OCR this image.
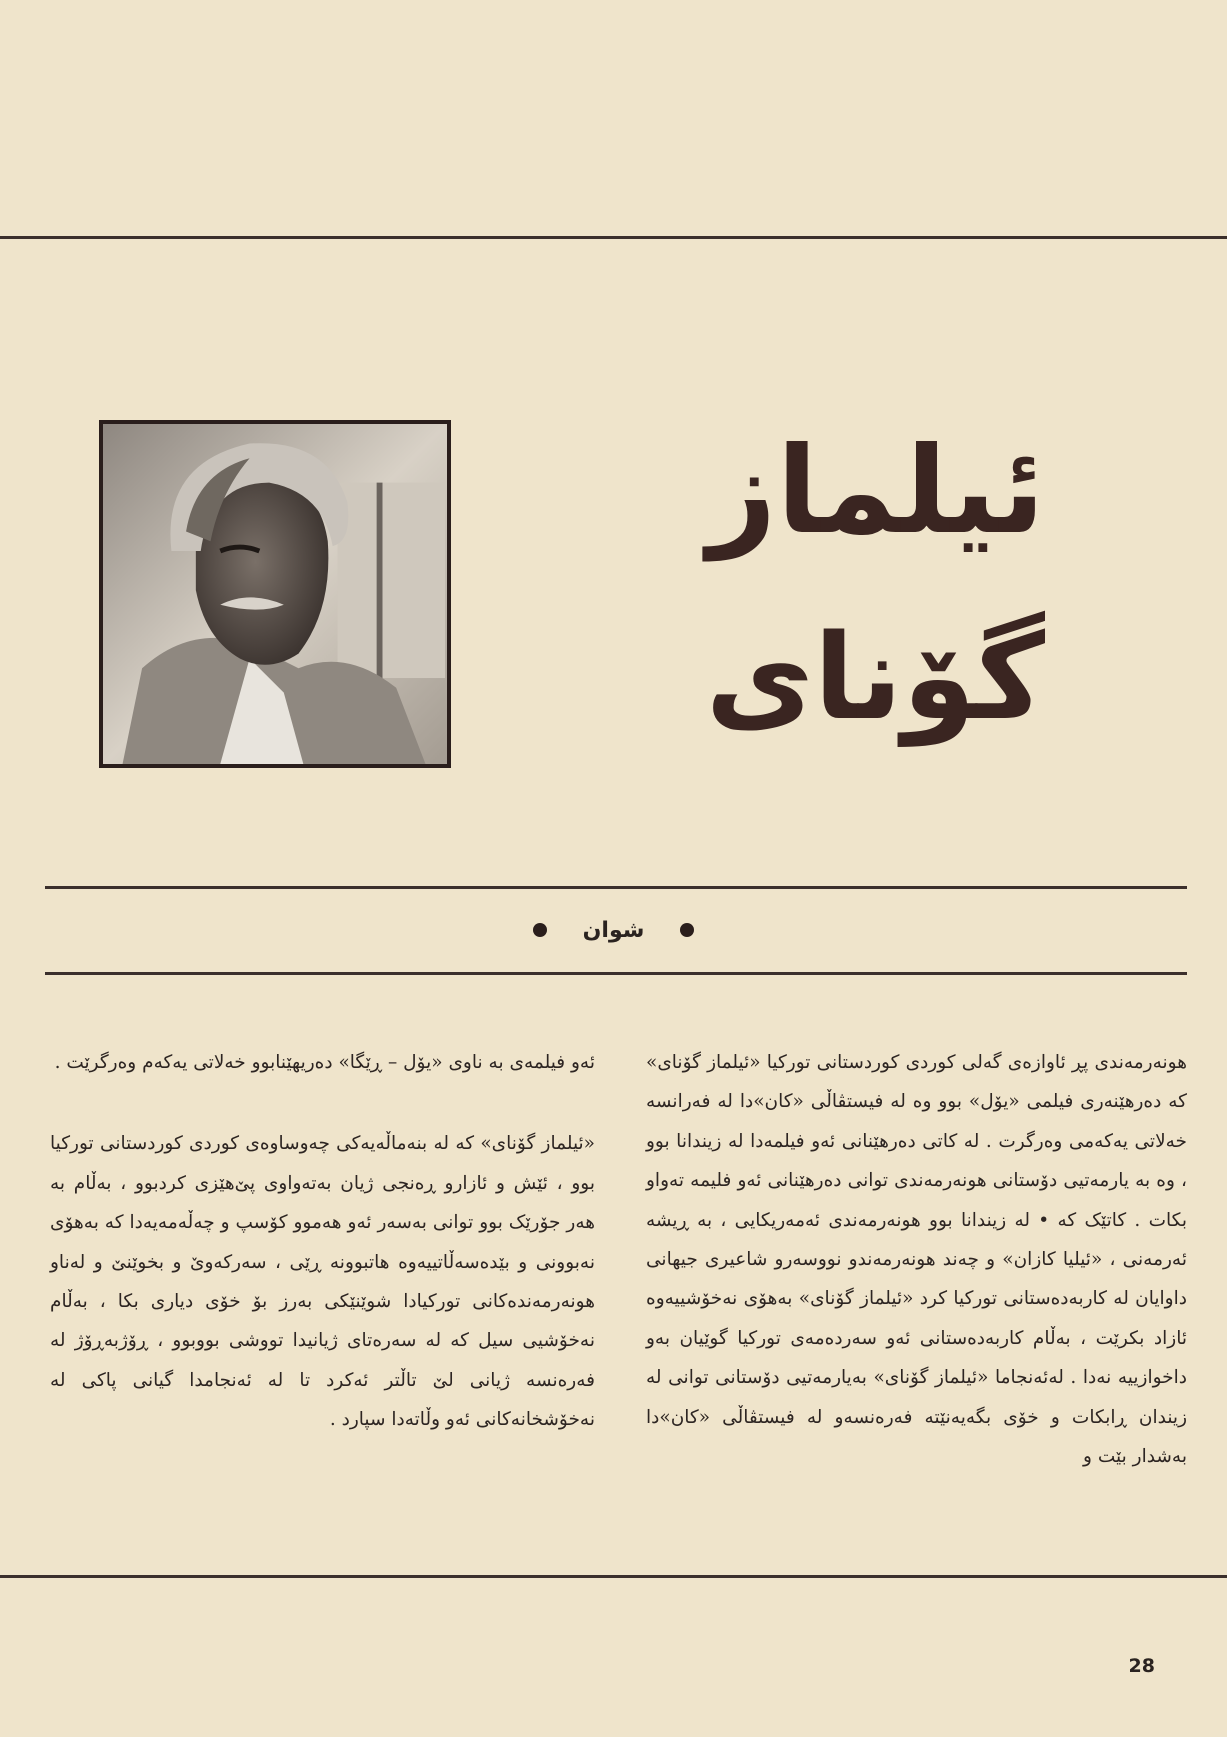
ئیلماز
گۆنای
شوان

هونەرمەندی پڕ ئاوازەی گەلی کوردی کوردستانی تورکیا «ئیلماز گۆنای» کە دەرهێنەری فیلمی «یۆل» بوو وە لە فیستڤاڵی «کان»دا لە فەرانسە خەلاتی یەکەمی وەرگرت . لە کاتی دەرهێنانی ئەو فیلمەدا لە زیندانا بوو ، وە بە یارمەتیی دۆستانی هونەرمەندی توانی دەرهێنانی ئەو فلیمە تەواو بکات . کاتێک کە • لە زیندانا بوو هونەرمەندی ئەمەریکایی ، بە ڕیشە ئەرمەنی ، «ئیلیا کازان» و چەند هونەرمەندو نووسەرو شاعیری جیهانی داوایان لە کاربەدەستانی تورکیا کرد «ئیلماز گۆنای» بەهۆی نەخۆشییەوە ئازاد بکرێت ، بەڵام کاربەدەستانی ئەو سەردەمەی تورکیا گوێیان بەو داخوازییە نەدا . لەئەنجاما «ئیلماز گۆنای» بەیارمەتیی دۆستانی توانی لە زیندان ڕابکات و خۆی بگەیەنێتە فەرەنسەو لە فیستڤاڵی «کان»دا بەشدار بێت و

ئەو فیلمەی بە ناوی «یۆل – ڕێگا» دەریهێنابوو خەلاتی یەکەم وەرگرێت .

«ئیلماز گۆنای» کە لە بنەماڵەیەکی چەوساوەی کوردی کوردستانی تورکیا بوو ، ئێش و ئازارو ڕەنجی ژیان بەتەواوی پێ‌هێزی کردبوو ، بەڵام بە هەر جۆرێک بوو توانی بەسەر ئەو هەموو کۆسپ و چەڵەمەیەدا کە بەهۆی نەبوونی و بێدەسەڵاتییەوە هاتبوونە ڕێی ، سەرکەوێ و بخوێنێ و لەناو هونەرمەندەکانی تورکیادا شوێنێکی بەرز بۆ خۆی دیاری بکا ، بەڵام نەخۆشیی سیل کە لە سەرەتای ژیانیدا تووشی بووبوو ، ڕۆژبەڕۆژ لە فەرەنسە ژیانی لێ تاڵتر ئەکرد تا لە ئەنجامدا گیانی پاکی لە نەخۆشخانەکانی ئەو وڵاتەدا سپارد .

28
